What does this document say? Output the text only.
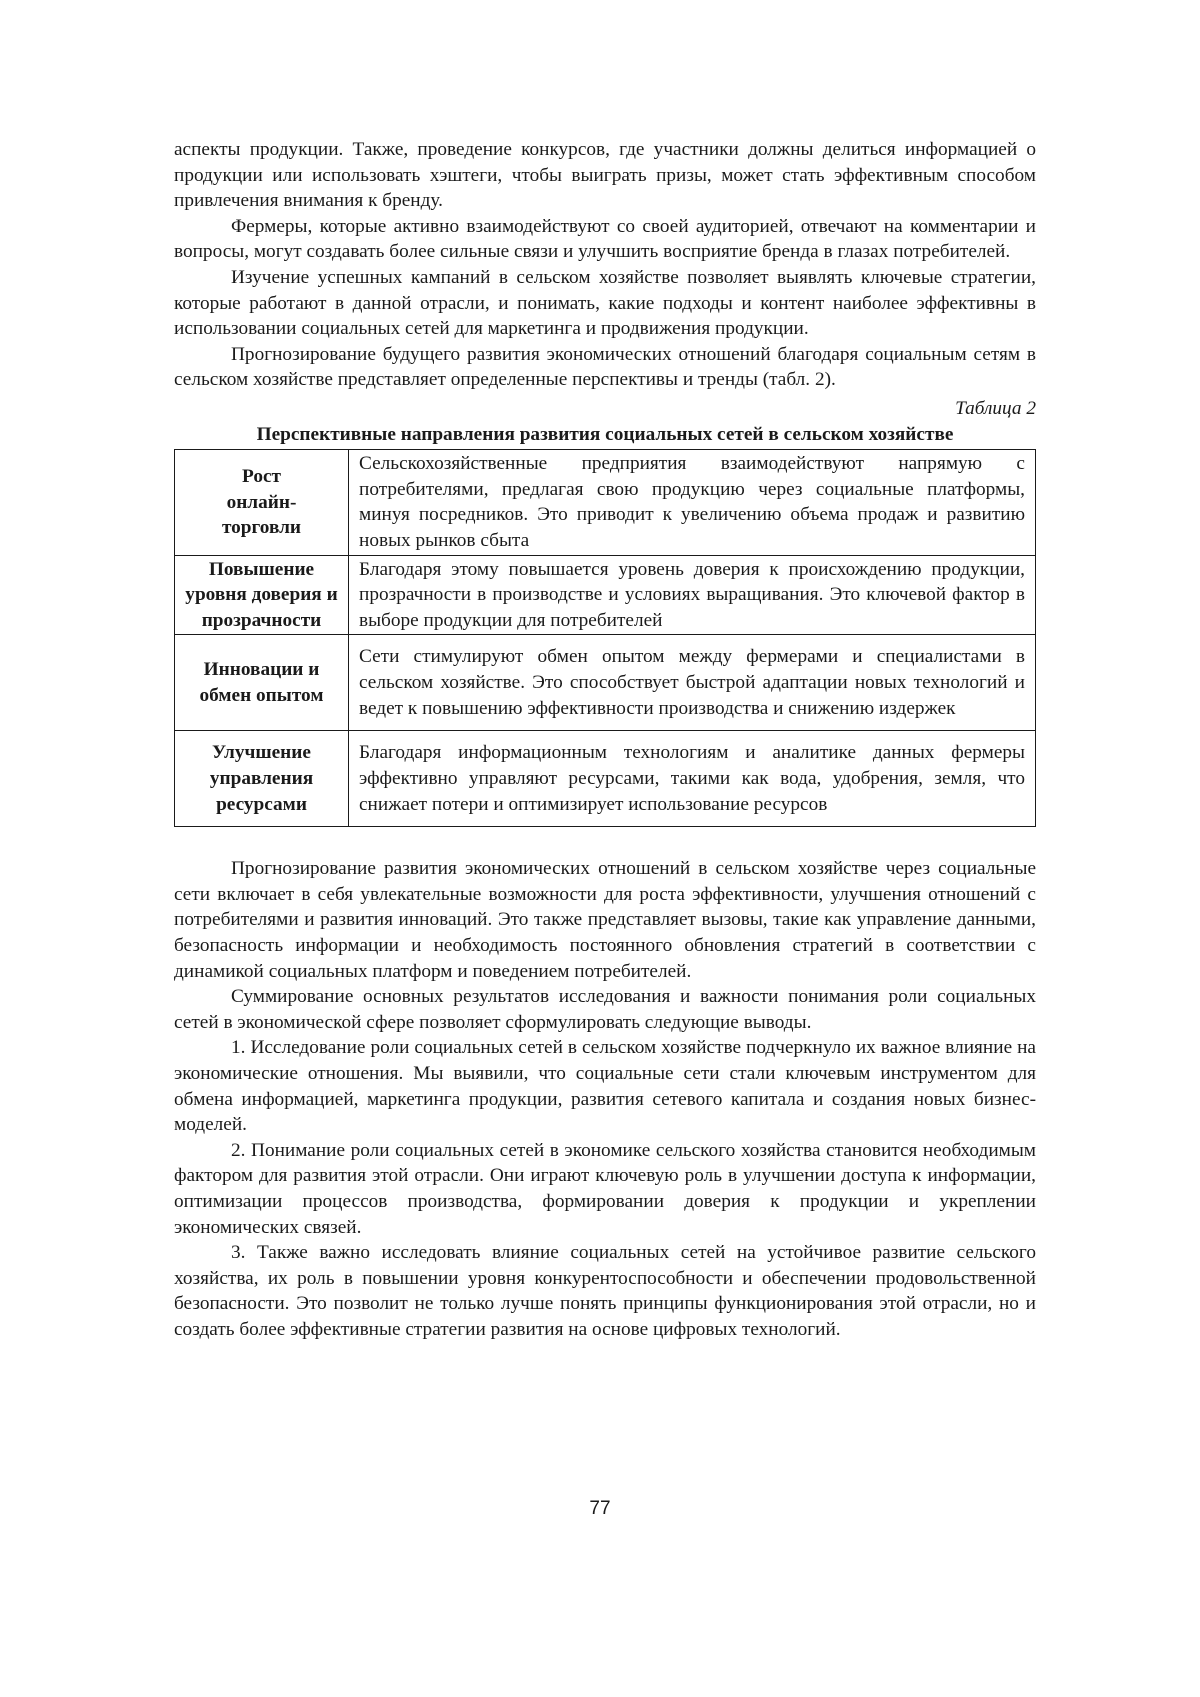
аспекты продукции. Также, проведение конкурсов, где участники должны делиться информацией о продукции или использовать хэштеги, чтобы выиграть призы, может стать эффективным способом привлечения внимания к бренду.

Фермеры, которые активно взаимодействуют со своей аудиторией, отвечают на комментарии и вопросы, могут создавать более сильные связи и улучшить восприятие бренда в глазах потребителей.

Изучение успешных кампаний в сельском хозяйстве позволяет выявлять ключевые стратегии, которые работают в данной отрасли, и понимать, какие подходы и контент наиболее эффективны в использовании социальных сетей для маркетинга и продвижения продукции.

Прогнозирование будущего развития экономических отношений благодаря социальным сетям в сельском хозяйстве представляет определенные перспективы и тренды (табл. 2).

Таблица 2
Перспективные направления развития социальных сетей в сельском хозяйстве
Рост онлайн-торговли	Сельскохозяйственные предприятия взаимодействуют напрямую с потребителями, предлагая свою продукцию через социальные платформы, минуя посредников. Это приводит к увеличению объема продаж и развитию новых рынков сбыта

Повышение уровня доверия и прозрачности	Благодаря этому повышается уровень доверия к происхождению продукции, прозрачности в производстве и условиях выращивания. Это ключевой фактор в выборе продукции для потребителей

Инновации и обмен опытом	Сети стимулируют обмен опытом между фермерами и специалистами в сельском хозяйстве. Это способствует быстрой адаптации новых технологий и ведет к повышению эффективности производства и снижению издержек

Улучшение управления ресурсами	Благодаря информационным технологиям и аналитике данных фермеры эффективно управляют ресурсами, такими как вода, удобрения, земля, что снижает потери и оптимизирует использование ресурсов

Прогнозирование развития экономических отношений в сельском хозяйстве через социальные сети включает в себя увлекательные возможности для роста эффективности, улучшения отношений с потребителями и развития инноваций. Это также представляет вызовы, такие как управление данными, безопасность информации и необходимость постоянного обновления стратегий в соответствии с динамикой социальных платформ и поведением потребителей.

Суммирование основных результатов исследования и важности понимания роли социальных сетей в экономической сфере позволяет сформулировать следующие выводы.

1. Исследование роли социальных сетей в сельском хозяйстве подчеркнуло их важное влияние на экономические отношения. Мы выявили, что социальные сети стали ключевым инструментом для обмена информацией, маркетинга продукции, развития сетевого капитала и создания новых бизнес-моделей.

2. Понимание роли социальных сетей в экономике сельского хозяйства становится необходимым фактором для развития этой отрасли. Они играют ключевую роль в улучшении доступа к информации, оптимизации процессов производства, формировании доверия к продукции и укреплении экономических связей.

3. Также важно исследовать влияние социальных сетей на устойчивое развитие сельского хозяйства, их роль в повышении уровня конкурентоспособности и обеспечении продовольственной безопасности. Это позволит не только лучше понять принципы функционирования этой отрасли, но и создать более эффективные стратегии развития на основе цифровых технологий.

77
